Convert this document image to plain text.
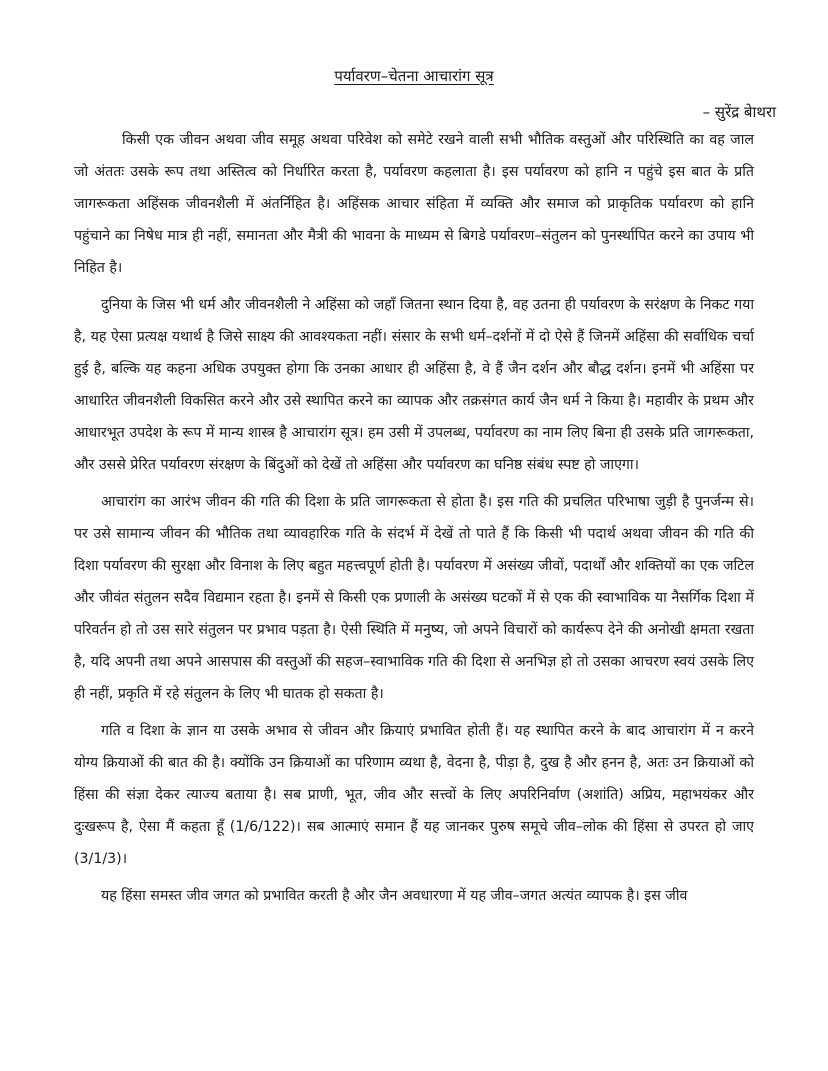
पर्यावरण–चेतना आचारांग सूत्र
– सुरेंद्र बेाथरा

किसी एक जीवन अथवा जीव समूह अथवा परिवेश को समेटे रखने वाली सभी भौतिक वस्तुओं और परिस्थिति का वह जाल जो अंततः उसके रूप तथा अस्तित्व को निर्धारित करता है, पर्यावरण कहलाता है। इस पर्यावरण को हानि न पहुंचे इस बात के प्रति जागरूकता अहिंसक जीवनशैली में अंतर्निहित है। अहिंसक आचार संहिता में व्यक्ति और समाज को प्राकृतिक पर्यावरण को हानि पहुंचाने का निषेध मात्र ही नहीं, समानता और मैत्री की भावना के माध्यम से बिगडे पर्यावरण–संतुलन को पुनर्स्थापित करने का उपाय भी निहित है।

दुनिया के जिस भी धर्म और जीवनशैली ने अहिंसा को जहाँ जितना स्थान दिया है, वह उतना ही पर्यावरण के सरंक्षण के निकट गया है, यह ऐसा प्रत्यक्ष यथार्थ है जिसे साक्ष्य की आवश्यकता नहीं। संसार के सभी धर्म–दर्शनों में दो ऐसे हैं जिनमें अहिंसा की सर्वाधिक चर्चा हुई है, बल्कि यह कहना अधिक उपयुक्त होगा कि उनका आधार ही अहिंसा है, वे हैं जैन दर्शन और बौद्ध दर्शन। इनमें भी अहिंसा पर आधारित जीवनशैली विकसित करने और उसे स्थापित करने का व्यापक और तक्रसंगत कार्य जैन धर्म ने किया है। महावीर के प्रथम और आधारभूत उपदेश के रूप में मान्य शास्त्र है आचारांग सूत्र। हम उसी में उपलब्ध, पर्यावरण का नाम लिए बिना ही उसके प्रति जागरूकता, और उससे प्रेरित पर्यावरण संरक्षण के बिंदुओं को देखें तो अहिंसा और पर्यावरण का घनिष्ठ संबंध स्पष्ट हो जाएगा।

आचारांग का आरंभ जीवन की गति की दिशा के प्रति जागरूकता से होता है। इस गति की प्रचलित परिभाषा जुड़ी है पुनर्जन्म से। पर उसे सामान्य जीवन की भौतिक तथा व्यावहारिक गति के संदर्भ में देखें तो पाते हैं कि किसी भी पदार्थ अथवा जीवन की गति की दिशा पर्यावरण की सुरक्षा और विनाश के लिए बहुत महत्त्वपूर्ण होती है। पर्यावरण में असंख्य जीवों, पदार्थों और शक्तियों का एक जटिल और जीवंत संतुलन सदैव विद्यमान रहता है। इनमें से किसी एक प्रणाली के असंख्य घटकों में से एक की स्वाभाविक या नैसर्गिक दिशा में परिवर्तन हो तो उस सारे संतुलन पर प्रभाव पड़ता है। ऐसी स्थिति में मनुष्य, जो अपने विचारों को कार्यरूप देने की अनोखी क्षमता रखता है, यदि अपनी तथा अपने आसपास की वस्तुओं की सहज–स्वाभाविक गति की दिशा से अनभिज्ञ हो तो उसका आचरण स्वयं उसके लिए ही नहीं, प्रकृति में रहे संतुलन के लिए भी घातक हो सकता है।

गति व दिशा के ज्ञान या उसके अभाव से जीवन और क्रियाएं प्रभावित होती हैं। यह स्थापित करने के बाद आचारांग में न करने योग्य क्रियाओं की बात की है। क्योंकि उन क्रियाओं का परिणाम व्यथा है, वेदना है, पीड़ा है, दुख है और हनन है, अतः उन क्रियाओं को हिंसा की संज्ञा देकर त्याज्य बताया है। सब प्राणी, भूत, जीव और सत्त्वों के लिए अपरिनिर्वाण (अशांति) अप्रिय, महाभयंकर और दुःखरूप है, ऐसा मैं कहता हूँ (1/6/122)। सब आत्माएं समान हैं यह जानकर पुरुष समूचे जीव–लोक की हिंसा से उपरत हो जाए (3/1/3)।

यह हिंसा समस्त जीव जगत को प्रभावित करती है और जैन अवधारणा में यह जीव–जगत अत्यंत व्यापक है। इस जीव
